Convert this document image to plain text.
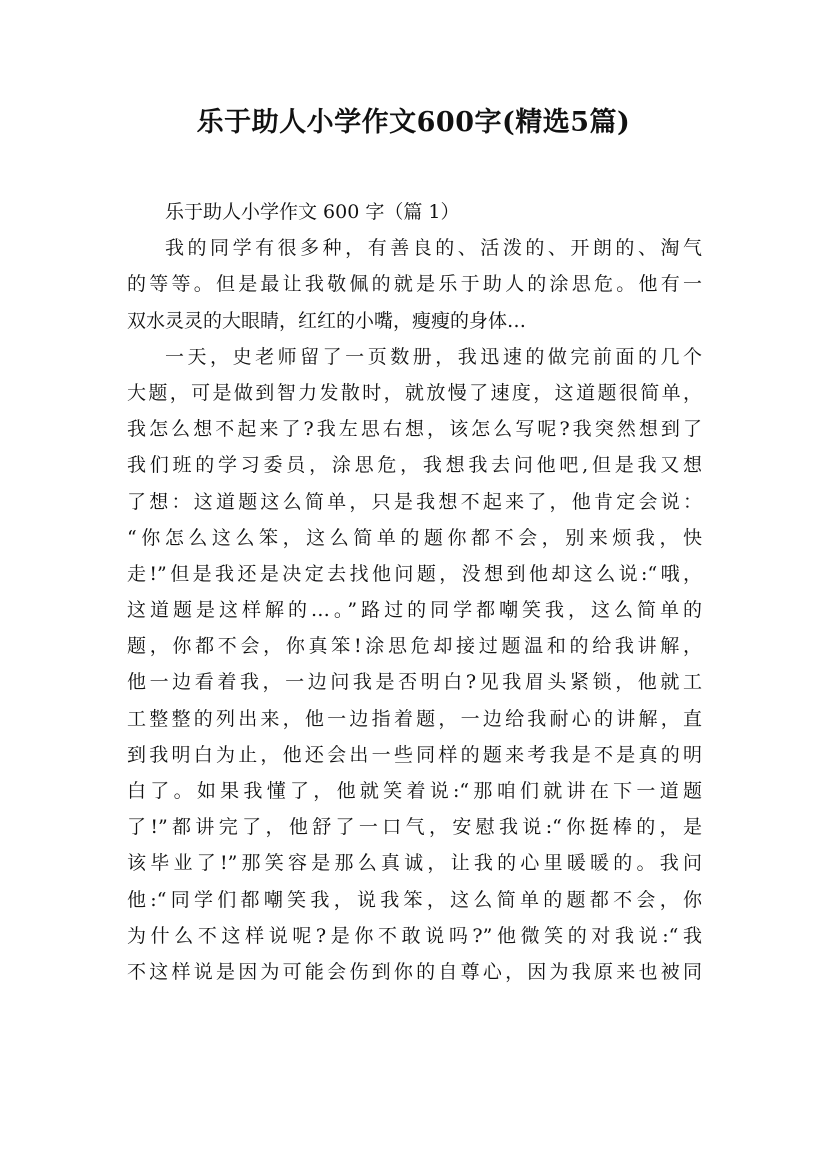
乐于助人小学作文600字(精选5篇)
乐于助人小学作文 600 字（篇 1）
我的同学有很多种，有善良的、活泼的、开朗的、淘气
的等等。但是最让我敬佩的就是乐于助人的涂思危。他有一
双水灵灵的大眼睛，红红的小嘴，瘦瘦的身体…
一天，史老师留了一页数册，我迅速的做完前面的几个
大题，可是做到智力发散时，就放慢了速度，这道题很简单，
我怎么想不起来了?我左思右想，该怎么写呢?我突然想到了
我们班的学习委员，涂思危，我想我去问他吧,但是我又想
了想：这道题这么简单，只是我想不起来了，他肯定会说：
“你怎么这么笨，这么简单的题你都不会，别来烦我，快
走!”但是我还是决定去找他问题，没想到他却这么说:“哦，
这道题是这样解的…。”路过的同学都嘲笑我，这么简单的
题，你都不会，你真笨!涂思危却接过题温和的给我讲解，
他一边看着我，一边问我是否明白?见我眉头紧锁，他就工
工整整的列出来，他一边指着题，一边给我耐心的讲解，直
到我明白为止，他还会出一些同样的题来考我是不是真的明
白了。如果我懂了，他就笑着说:“那咱们就讲在下一道题
了!”都讲完了，他舒了一口气，安慰我说:“你挺棒的，是
该毕业了!”那笑容是那么真诚，让我的心里暖暖的。我问
他:“同学们都嘲笑我，说我笨，这么简单的题都不会，你
为什么不这样说呢?是你不敢说吗?”他微笑的对我说:“我
不这样说是因为可能会伤到你的自尊心，因为我原来也被同
